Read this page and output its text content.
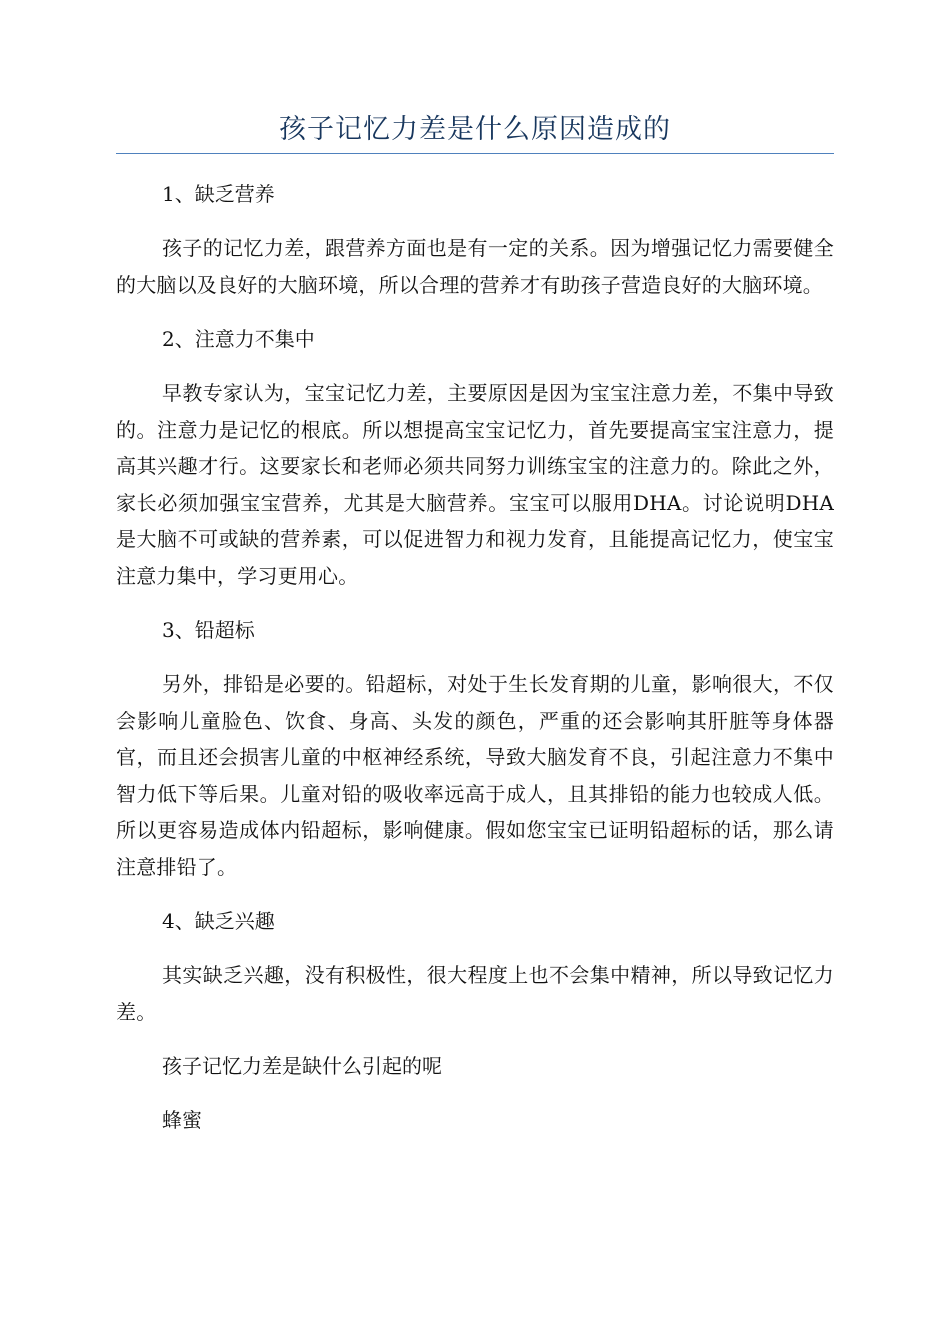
孩子记忆力差是什么原因造成的

1、缺乏营养

孩子的记忆力差，跟营养方面也是有一定的关系。因为增强记忆力需要健全的大脑以及良好的大脑环境，所以合理的营养才有助孩子营造良好的大脑环境。

2、注意力不集中

早教专家认为，宝宝记忆力差，主要原因是因为宝宝注意力差，不集中导致的。注意力是记忆的根底。所以想提高宝宝记忆力，首先要提高宝宝注意力，提高其兴趣才行。这要家长和老师必须共同努力训练宝宝的注意力的。除此之外，家长必须加强宝宝营养，尤其是大脑营养。宝宝可以服用DHA。讨论说明DHA是大脑不可或缺的营养素，可以促进智力和视力发育，且能提高记忆力，使宝宝注意力集中，学习更用心。

3、铅超标

另外，排铅是必要的。铅超标，对处于生长发育期的儿童，影响很大，不仅会影响儿童脸色、饮食、身高、头发的颜色，严重的还会影响其肝脏等身体器官，而且还会损害儿童的中枢神经系统，导致大脑发育不良，引起注意力不集中智力低下等后果。儿童对铅的吸收率远高于成人，且其排铅的能力也较成人低。所以更容易造成体内铅超标，影响健康。假如您宝宝已证明铅超标的话，那么请注意排铅了。

4、缺乏兴趣

其实缺乏兴趣，没有积极性，很大程度上也不会集中精神，所以导致记忆力差。

孩子记忆力差是缺什么引起的呢

蜂蜜
